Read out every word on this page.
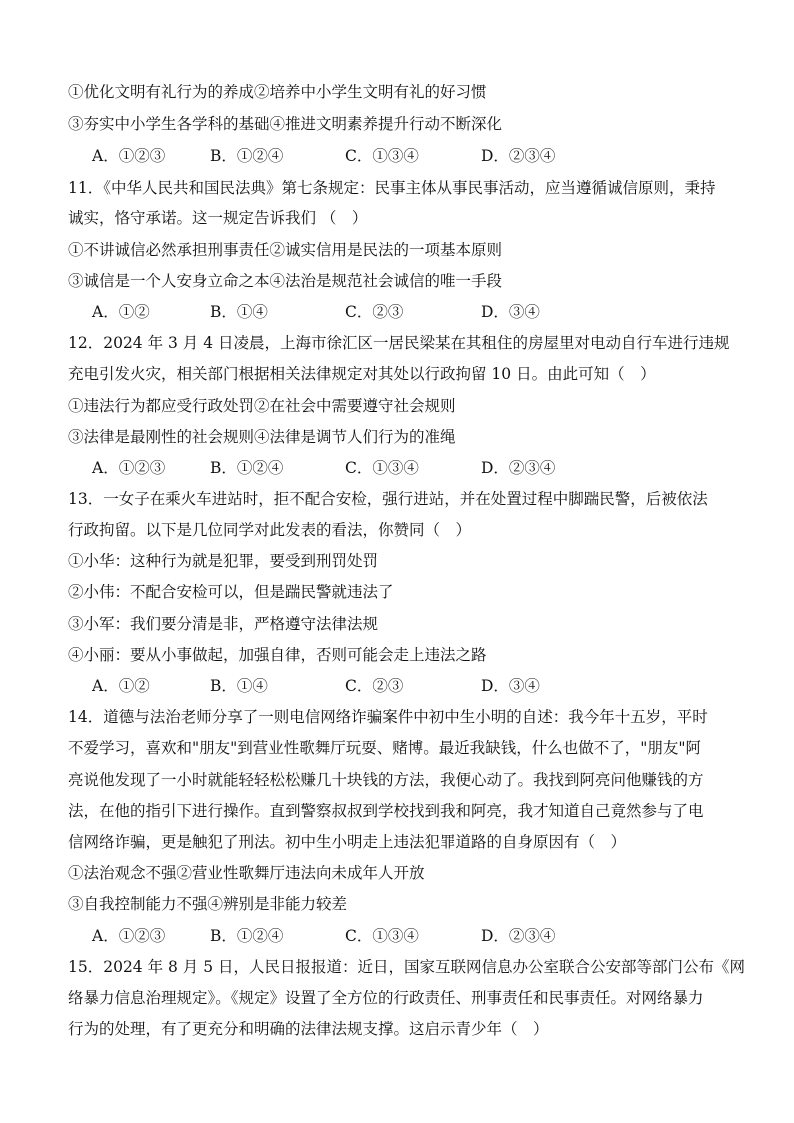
①优化文明有礼行为的养成②培养中小学生文明有礼的好习惯
③夯实中小学生各学科的基础④推进文明素养提升行动不断深化
A．①②③	B．①②④	C．①③④	D．②③④
11．《中华人民共和国民法典》第七条规定：民事主体从事民事活动，应当遵循诚信原则，秉持
诚实，恪守承诺。这一规定告诉我们 （　）
①不讲诚信必然承担刑事责任②诚实信用是民法的一项基本原则
③诚信是一个人安身立命之本④法治是规范社会诚信的唯一手段
A．①②	B．①④	C．②③	D．③④
12．2024 年 3 月 4 日凌晨，上海市徐汇区一居民梁某在其租住的房屋里对电动自行车进行违规
充电引发火灾，相关部门根据相关法律规定对其处以行政拘留 10 日。由此可知（　）
①违法行为都应受行政处罚②在社会中需要遵守社会规则
③法律是最刚性的社会规则④法律是调节人们行为的准绳
A．①②③	B．①②④	C．①③④	D．②③④
13．一女子在乘火车进站时，拒不配合安检，强行进站，并在处置过程中脚踹民警，后被依法
行政拘留。以下是几位同学对此发表的看法，你赞同（　）
①小华：这种行为就是犯罪，要受到刑罚处罚
②小伟：不配合安检可以，但是踹民警就违法了
③小军：我们要分清是非，严格遵守法律法规
④小丽：要从小事做起，加强自律，否则可能会走上违法之路
A．①②	B．①④	C．②③	D．③④
14．道德与法治老师分享了一则电信网络诈骗案件中初中生小明的自述：我今年十五岁，平时
不爱学习，喜欢和"朋友"到营业性歌舞厅玩耍、赌博。最近我缺钱，什么也做不了，"朋友"阿
亮说他发现了一小时就能轻轻松松赚几十块钱的方法，我便心动了。我找到阿亮问他赚钱的方
法，在他的指引下进行操作。直到警察叔叔到学校找到我和阿亮，我才知道自己竟然参与了电
信网络诈骗，更是触犯了刑法。初中生小明走上违法犯罪道路的自身原因有（　）
①法治观念不强②营业性歌舞厅违法向未成年人开放
③自我控制能力不强④辨别是非能力较差
A．①②③	B．①②④	C．①③④	D．②③④
15．2024 年 8 月 5 日，人民日报报道：近日，国家互联网信息办公室联合公安部等部门公布《网
络暴力信息治理规定》。《规定》设置了全方位的行政责任、刑事责任和民事责任。对网络暴力
行为的处理，有了更充分和明确的法律法规支撑。这启示青少年（　）
